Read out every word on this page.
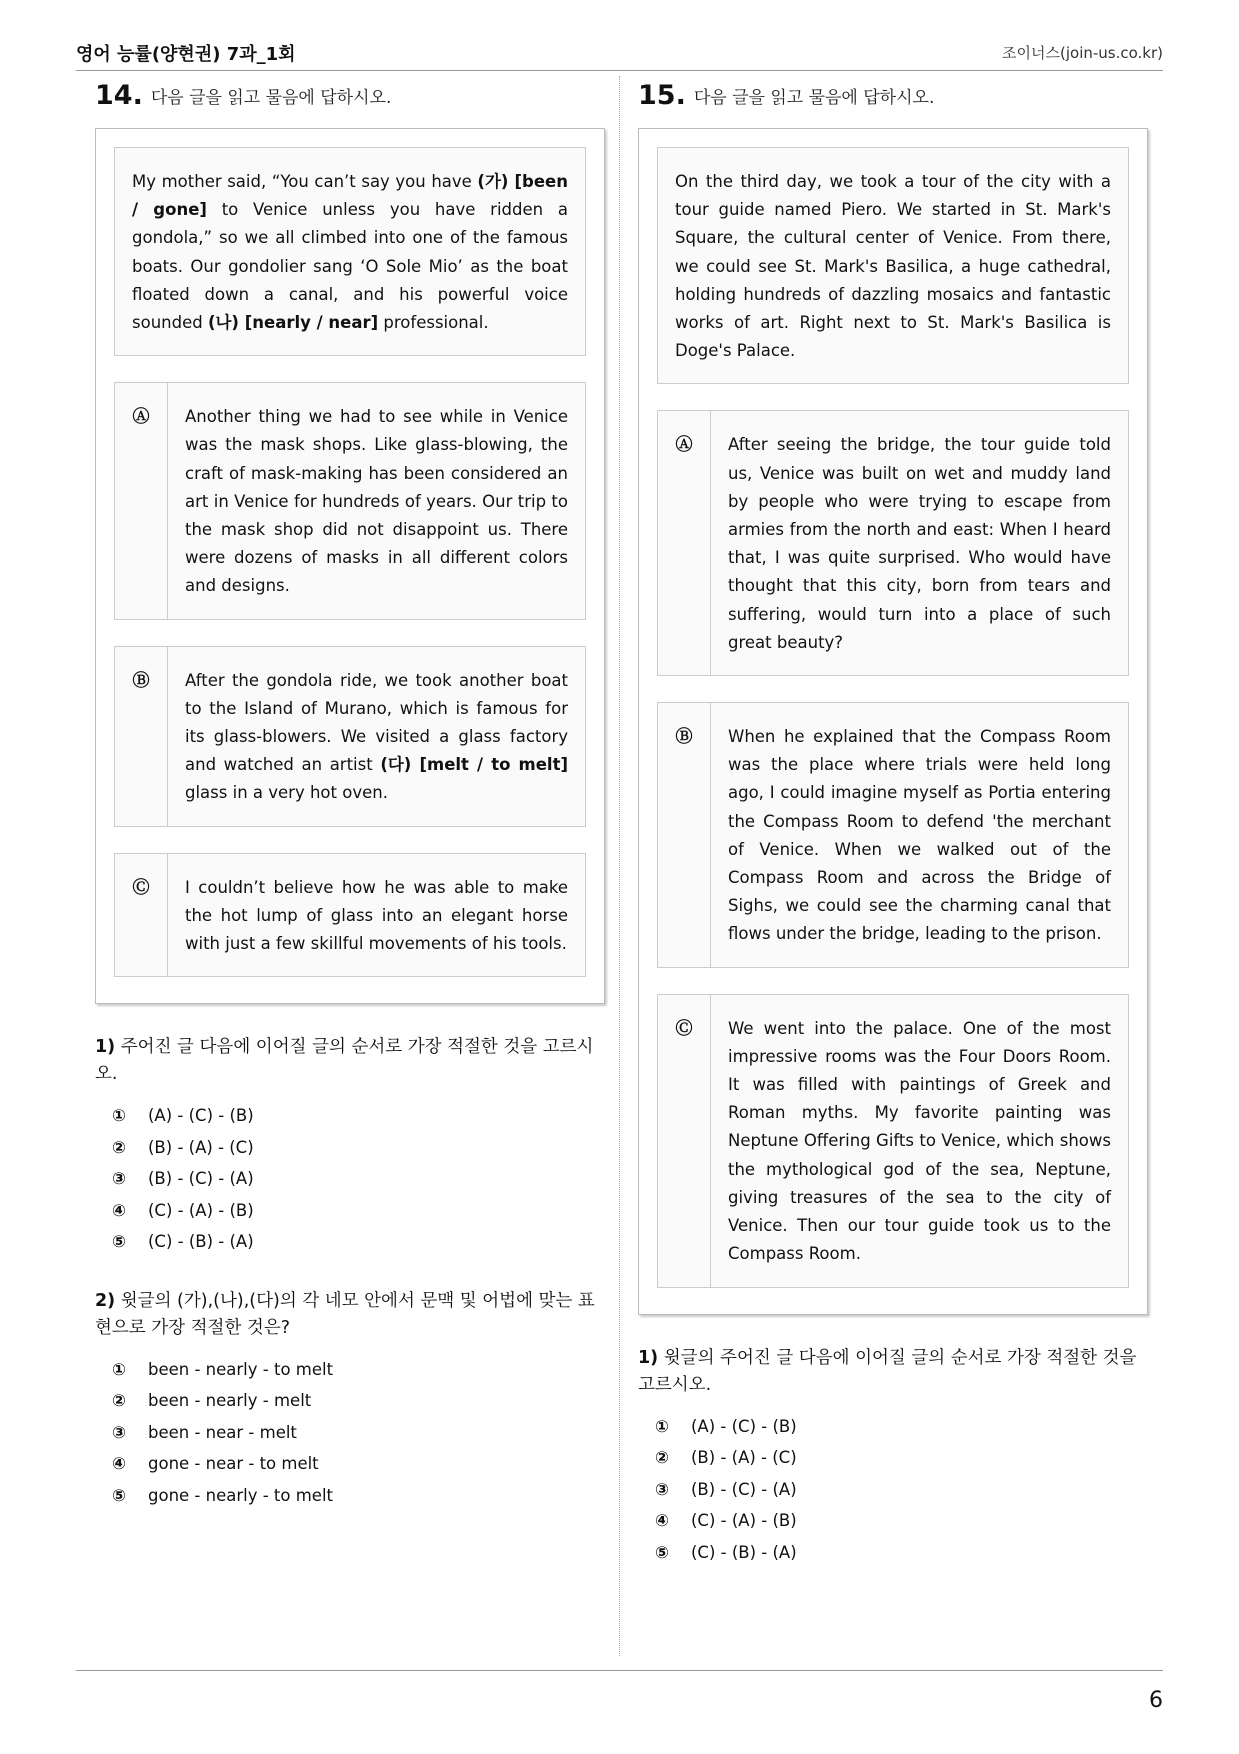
영어 능률(양현권) 7과_1회	조이너스(join-us.co.kr)
14. 다음 글을 읽고 물음에 답하시오.
My mother said, “You can’t say you have (가) [been / gone] to Venice unless you have ridden a gondola,” so we all climbed into one of the famous boats. Our gondolier sang ‘O Sole Mio’ as the boat floated down a canal, and his powerful voice sounded (나) [nearly / near] professional.
Ⓐ	Another thing we had to see while in Venice was the mask shops. Like glass-blowing, the craft of mask-making has been considered an art in Venice for hundreds of years. Our trip to the mask shop did not disappoint us. There were dozens of masks in all different colors and designs.
Ⓑ	After the gondola ride, we took another boat to the Island of Murano, which is famous for its glass-blowers. We visited a glass factory and watched an artist (다) [melt / to melt] glass in a very hot oven.
Ⓒ	I couldn’t believe how he was able to make the hot lump of glass into an elegant horse with just a few skillful movements of his tools.
1) 주어진 글 다음에 이어질 글의 순서로 가장 적절한 것을 고르시오.
① (A) - (C) - (B)
② (B) - (A) - (C)
③ (B) - (C) - (A)
④ (C) - (A) - (B)
⑤ (C) - (B) - (A)
2) 윗글의 (가),(나),(다)의 각 네모 안에서 문맥 및 어법에 맞는 표현으로 가장 적절한 것은?
① been - nearly - to melt
② been - nearly - melt
③ been - near - melt
④ gone - near - to melt
⑤ gone - nearly - to melt
15. 다음 글을 읽고 물음에 답하시오.
On the third day, we took a tour of the city with a tour guide named Piero. We started in St. Mark's Square, the cultural center of Venice. From there, we could see St. Mark's Basilica, a huge cathedral, holding hundreds of dazzling mosaics and fantastic works of art. Right next to St. Mark's Basilica is Doge's Palace.
Ⓐ	After seeing the bridge, the tour guide told us, Venice was built on wet and muddy land by people who were trying to escape from armies from the north and east: When I heard that, I was quite surprised. Who would have thought that this city, born from tears and suffering, would turn into a place of such great beauty?
Ⓑ	When he explained that the Compass Room was the place where trials were held long ago, I could imagine myself as Portia entering the Compass Room to defend 'the merchant of Venice. When we walked out of the Compass Room and across the Bridge of Sighs, we could see the charming canal that flows under the bridge, leading to the prison.
Ⓒ	We went into the palace. One of the most impressive rooms was the Four Doors Room. It was filled with paintings of Greek and Roman myths. My favorite painting was Neptune Offering Gifts to Venice, which shows the mythological god of the sea, Neptune, giving treasures of the sea to the city of Venice. Then our tour guide took us to the Compass Room.
1) 윗글의 주어진 글 다음에 이어질 글의 순서로 가장 적절한 것을 고르시오.
① (A) - (C) - (B)
② (B) - (A) - (C)
③ (B) - (C) - (A)
④ (C) - (A) - (B)
⑤ (C) - (B) - (A)
6
